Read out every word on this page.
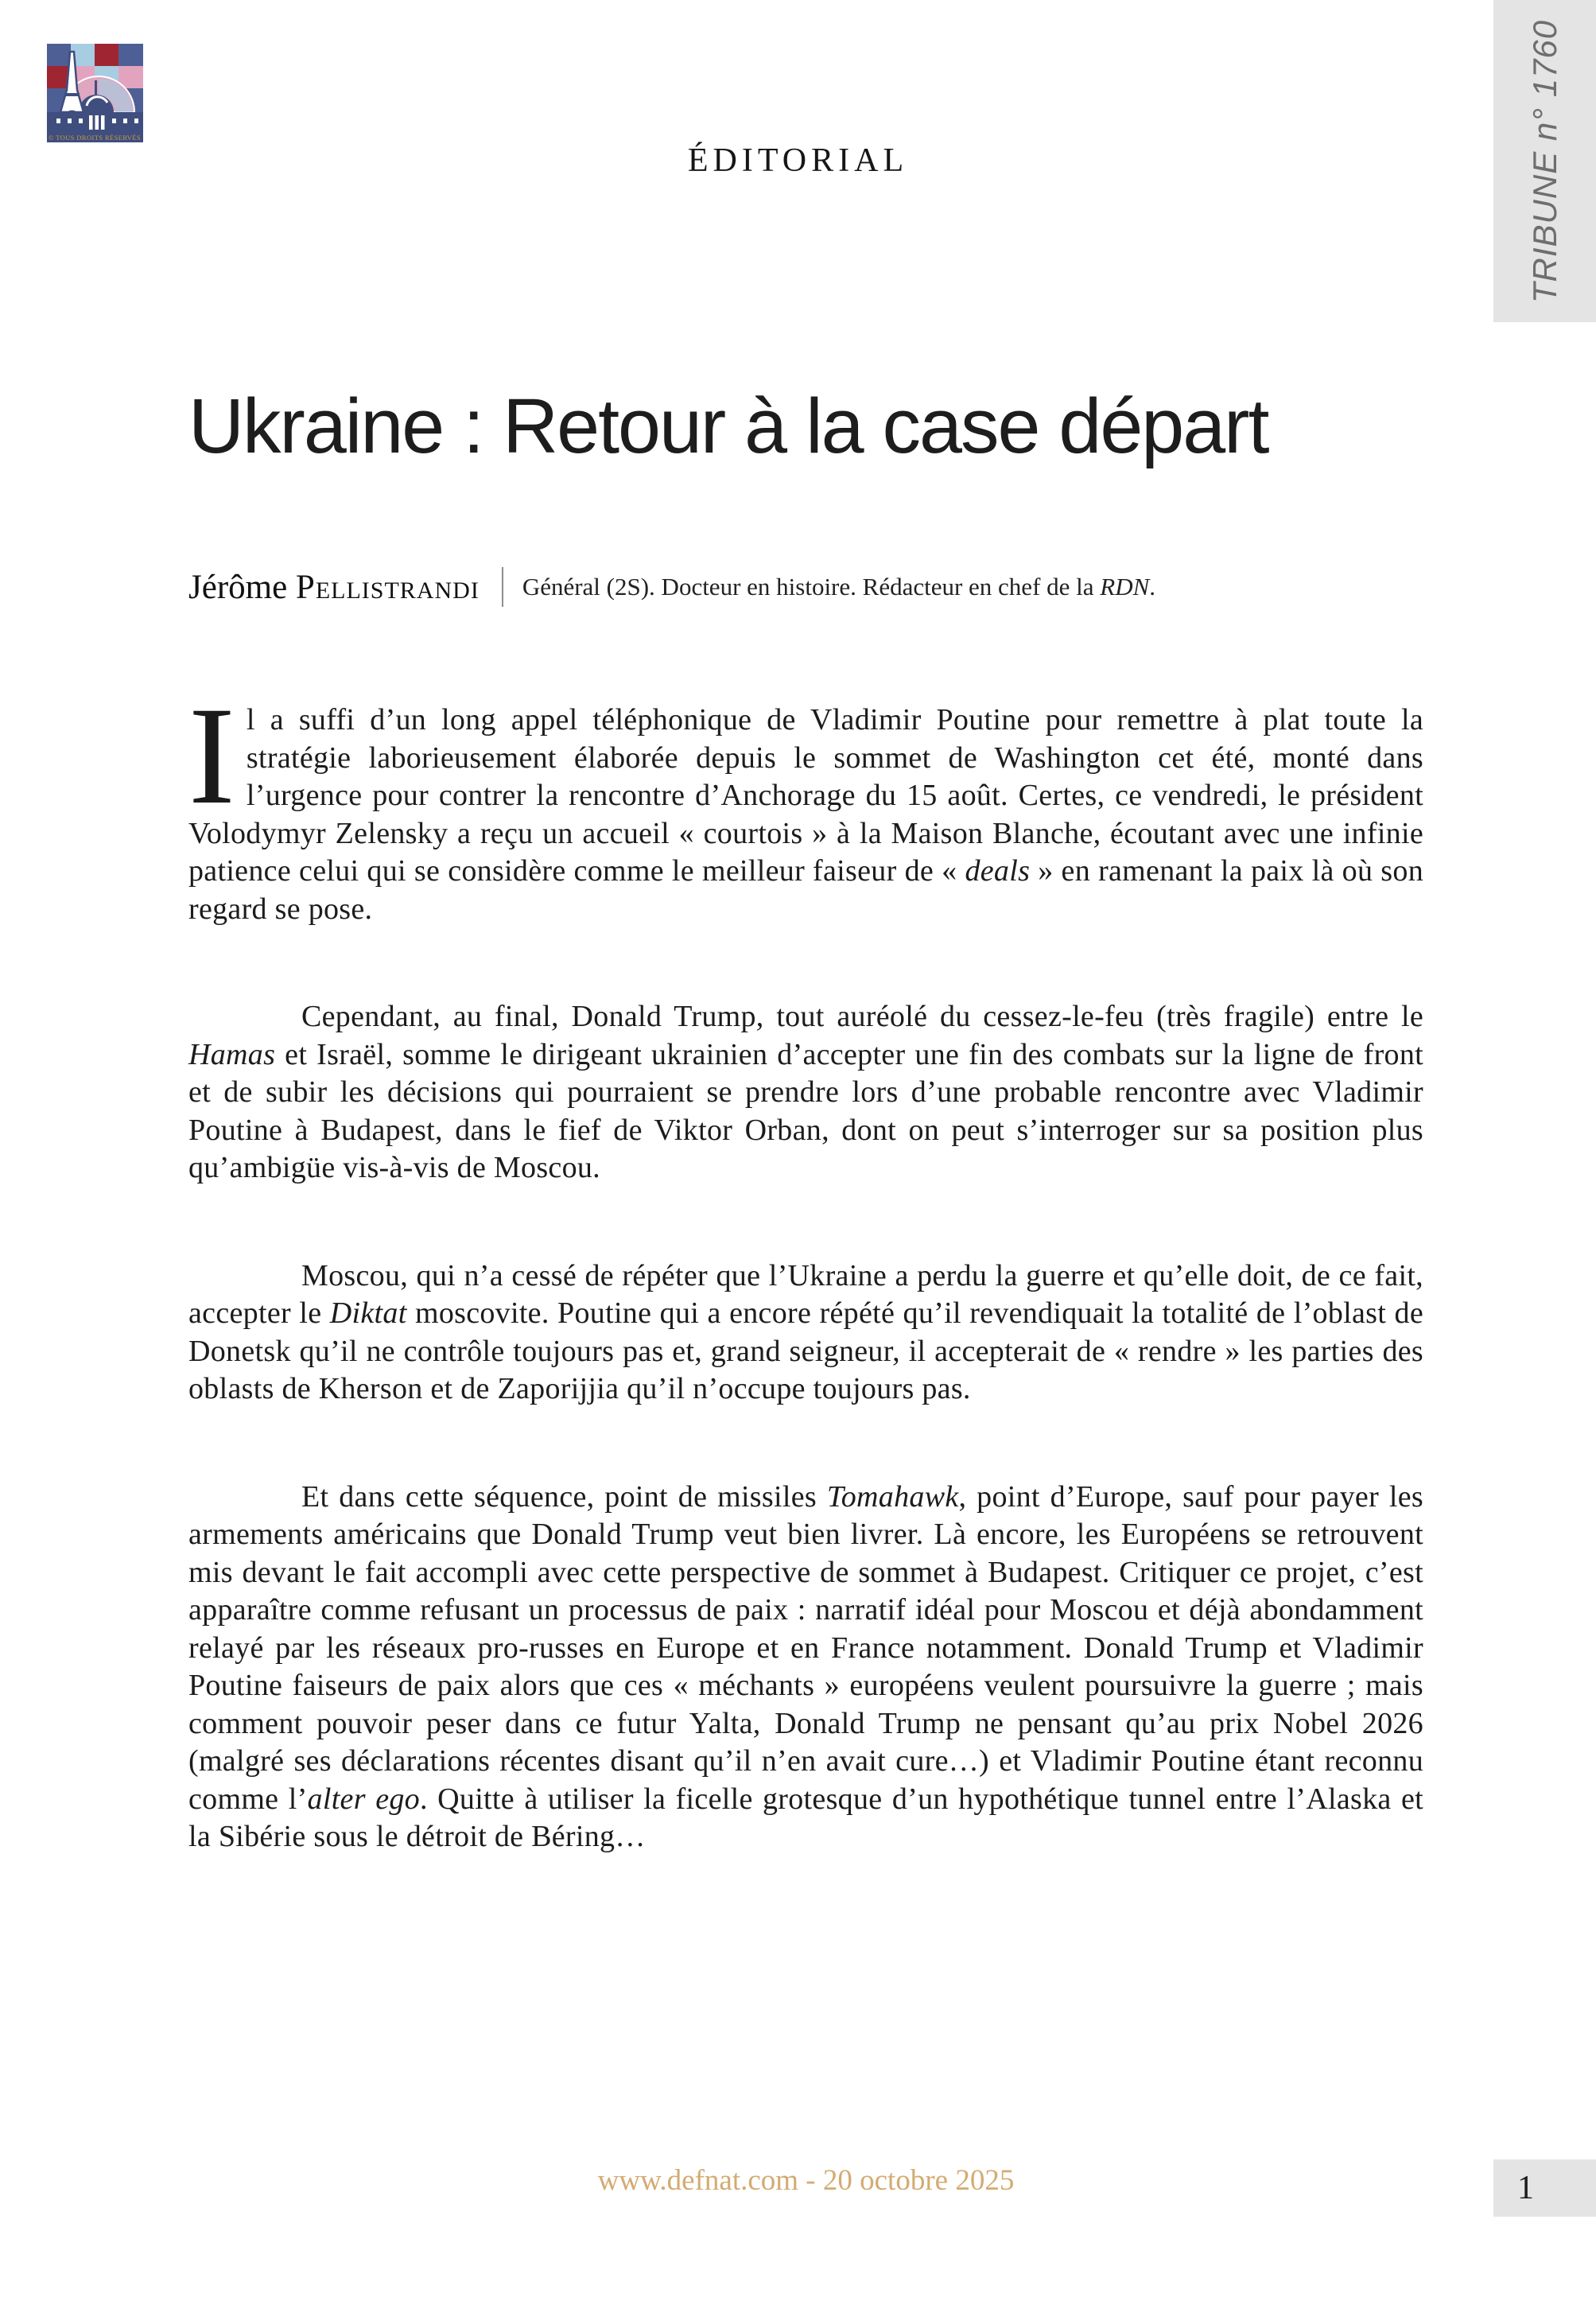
© TOUS DROITS RÉSERVÉS	TRIBUNE n° 1760
ÉDITORIAL
Ukraine : Retour à la case départ
Jérôme Pellistrandi Général (2S). Docteur en histoire. Rédacteur en chef de la RDN.

Il a suffi d’un long appel téléphonique de Vladimir Poutine pour remettre à plat toute la stratégie laborieusement élaborée depuis le sommet de Washington cet été, monté dans l’urgence pour contrer la rencontre d’Anchorage du 15 août. Certes, ce vendredi, le président Volodymyr Zelensky a reçu un accueil « courtois » à la Maison Blanche, écoutant avec une infinie patience celui qui se considère comme le meilleur faiseur de « deals » en ramenant la paix là où son regard se pose.

Cependant, au final, Donald Trump, tout auréolé du cessez-le-feu (très fragile) entre le Hamas et Israël, somme le dirigeant ukrainien d’accepter une fin des combats sur la ligne de front et de subir les décisions qui pourraient se prendre lors d’une probable rencontre avec Vladimir Poutine à Budapest, dans le fief de Viktor Orban, dont on peut s’interroger sur sa position plus qu’ambigüe vis-à-vis de Moscou.

Moscou, qui n’a cessé de répéter que l’Ukraine a perdu la guerre et qu’elle doit, de ce fait, accepter le Diktat moscovite. Poutine qui a encore répété qu’il revendiquait la totalité de l’oblast de Donetsk qu’il ne contrôle toujours pas et, grand seigneur, il accepterait de « rendre » les parties des oblasts de Kherson et de Zaporijjia qu’il n’occupe toujours pas.

Et dans cette séquence, point de missiles Tomahawk, point d’Europe, sauf pour payer les armements américains que Donald Trump veut bien livrer. Là encore, les Européens se retrouvent mis devant le fait accompli avec cette perspective de sommet à Budapest. Critiquer ce projet, c’est apparaître comme refusant un processus de paix : narratif idéal pour Moscou et déjà abondamment relayé par les réseaux pro-russes en Europe et en France notamment. Donald Trump et Vladimir Poutine faiseurs de paix alors que ces « méchants » européens veulent poursuivre la guerre ; mais comment pouvoir peser dans ce futur Yalta, Donald Trump ne pensant qu’au prix Nobel 2026 (malgré ses déclarations récentes disant qu’il n’en avait cure…) et Vladimir Poutine étant reconnu comme l’alter ego. Quitte à utiliser la ficelle grotesque d’un hypothétique tunnel entre l’Alaska et la Sibérie sous le détroit de Béring…

www.defnat.com - 20 octobre 2025	1
